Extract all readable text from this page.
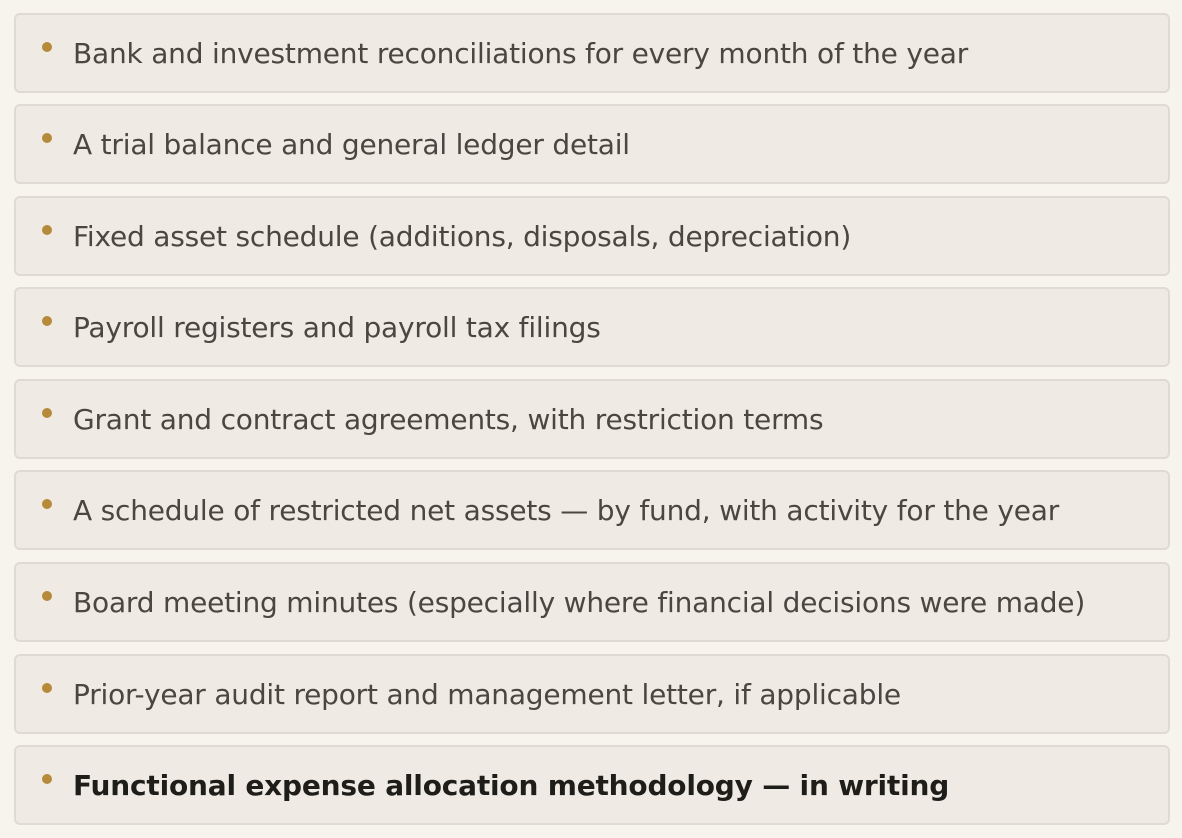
Bank and investment reconciliations for every month of the year
A trial balance and general ledger detail
Fixed asset schedule (additions, disposals, depreciation)
Payroll registers and payroll tax filings
Grant and contract agreements, with restriction terms
A schedule of restricted net assets — by fund, with activity for the year
Board meeting minutes (especially where financial decisions were made)
Prior-year audit report and management letter, if applicable
Functional expense allocation methodology — in writing
